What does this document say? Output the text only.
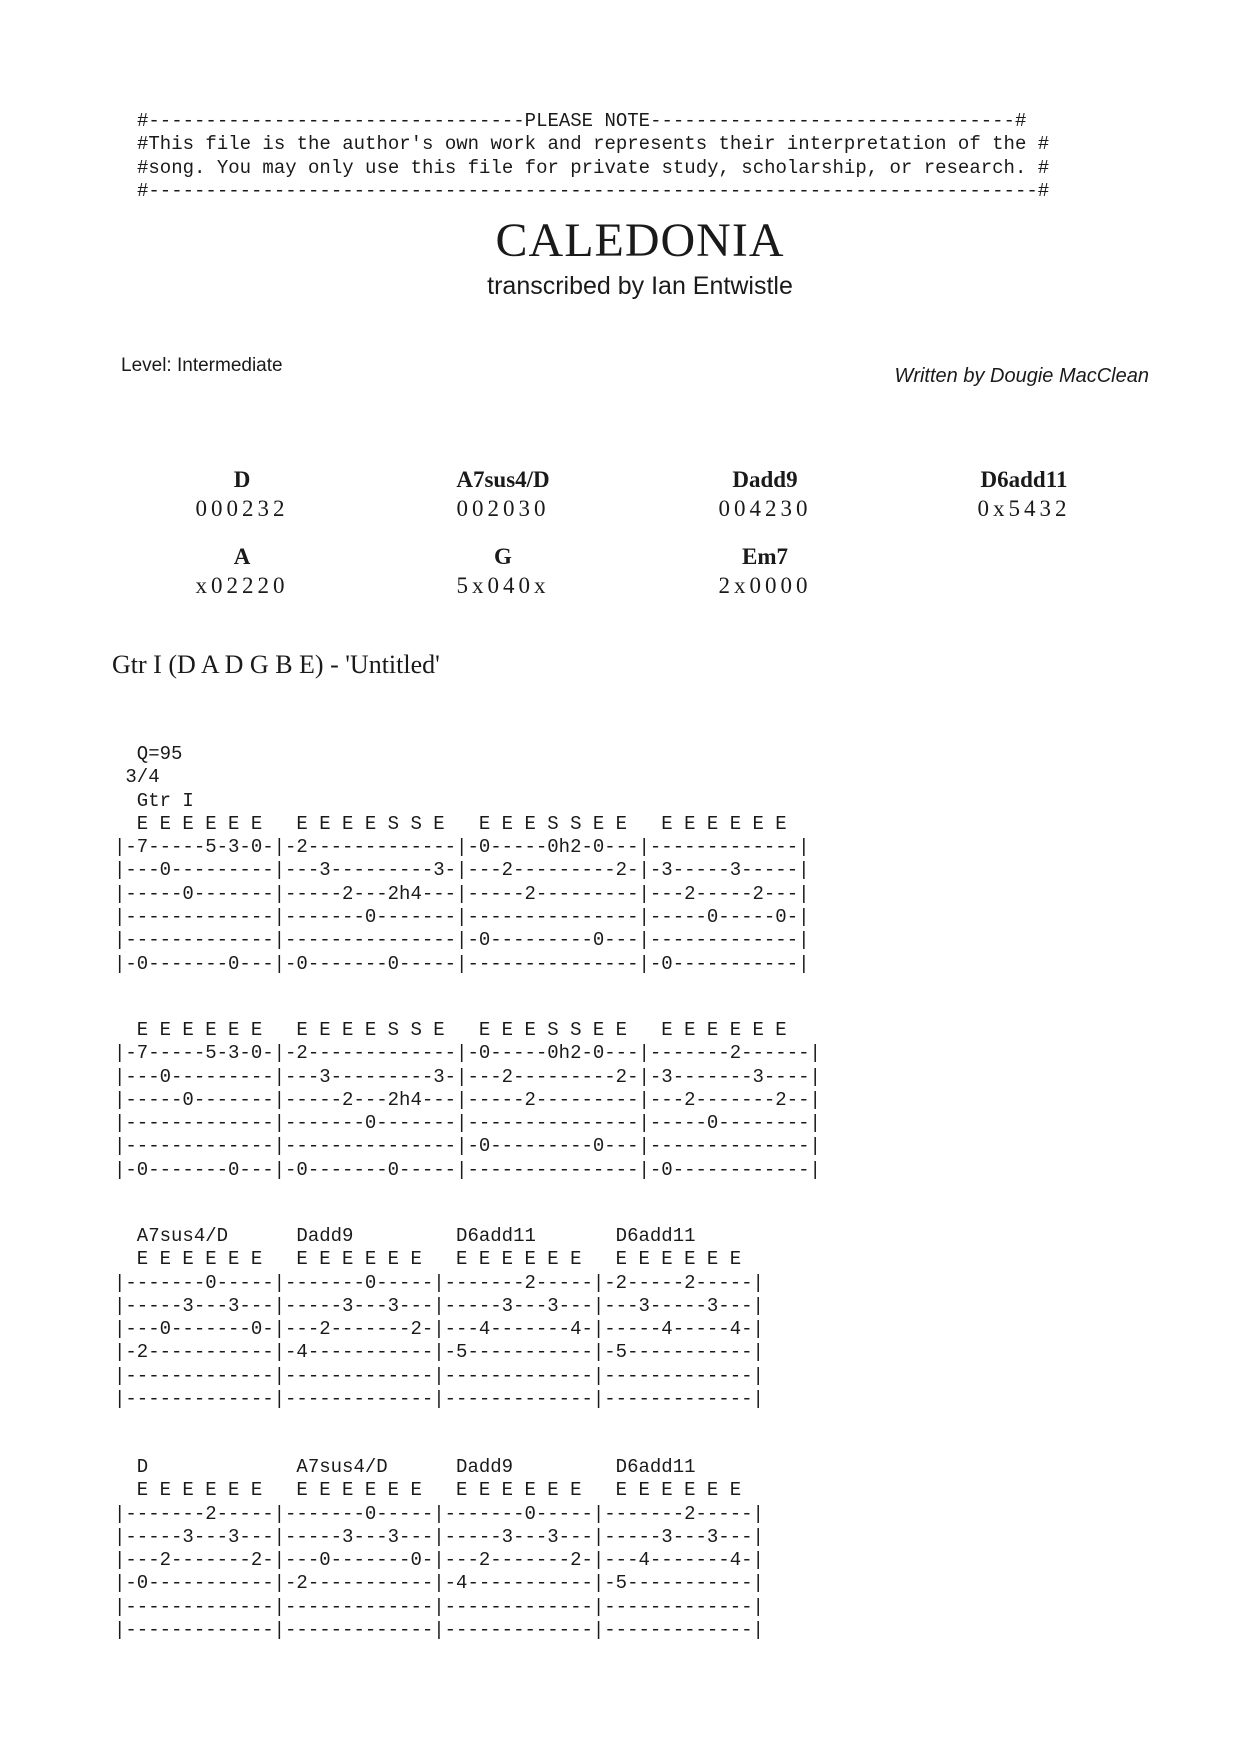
#---------------------------------PLEASE NOTE--------------------------------#
#This file is the author's own work and represents their interpretation of the #
#song. You may only use this file for private study, scholarship, or research. #
#------------------------------------------------------------------------------#
CALEDONIA
transcribed by Ian Entwistle
Level: Intermediate	Written by Dougie MacClean
D
000232
A7sus4/D
002030
Dadd9
004230
D6add11
0x5432
A
x02220
G
5x040x
Em7
2x0000
Gtr I (D A D G B E) - 'Untitled'
Q=95
3/4
Gtr I
E E E E E E   E E E E S S E   E E E S S E E   E E E E E E
|-7-----5-3-0-|-2-------------|-0-----0h2-0---|-------------|
|---0---------|---3---------3-|---2---------2-|-3-----3-----|
|-----0-------|-----2---2h4---|-----2---------|---2-----2---|
|-------------|-------0-------|---------------|-----0-----0-|
|-------------|---------------|-0---------0---|-------------|
|-0-------0---|-0-------0-----|---------------|-0-----------|
E E E E E E   E E E E S S E   E E E S S E E   E E E E E E
|-7-----5-3-0-|-2-------------|-0-----0h2-0---|-------2------|
|---0---------|---3---------3-|---2---------2-|-3-------3----|
|-----0-------|-----2---2h4---|-----2---------|---2-------2--|
|-------------|-------0-------|---------------|-----0--------|
|-------------|---------------|-0---------0---|--------------|
|-0-------0---|-0-------0-----|---------------|-0------------|
A7sus4/D      Dadd9         D6add11       D6add11
E E E E E E   E E E E E E   E E E E E E   E E E E E E
|-------0-----|-------0-----|-------2-----|-2-----2-----|
|-----3---3---|-----3---3---|-----3---3---|---3-----3---|
|---0-------0-|---2-------2-|---4-------4-|-----4-----4-|
|-2-----------|-4-----------|-5-----------|-5-----------|
|-------------|-------------|-------------|-------------|
|-------------|-------------|-------------|-------------|
D             A7sus4/D      Dadd9         D6add11
E E E E E E   E E E E E E   E E E E E E   E E E E E E
|-------2-----|-------0-----|-------0-----|-------2-----|
|-----3---3---|-----3---3---|-----3---3---|-----3---3---|
|---2-------2-|---0-------0-|---2-------2-|---4-------4-|
|-0-----------|-2-----------|-4-----------|-5-----------|
|-------------|-------------|-------------|-------------|
|-------------|-------------|-------------|-------------|
